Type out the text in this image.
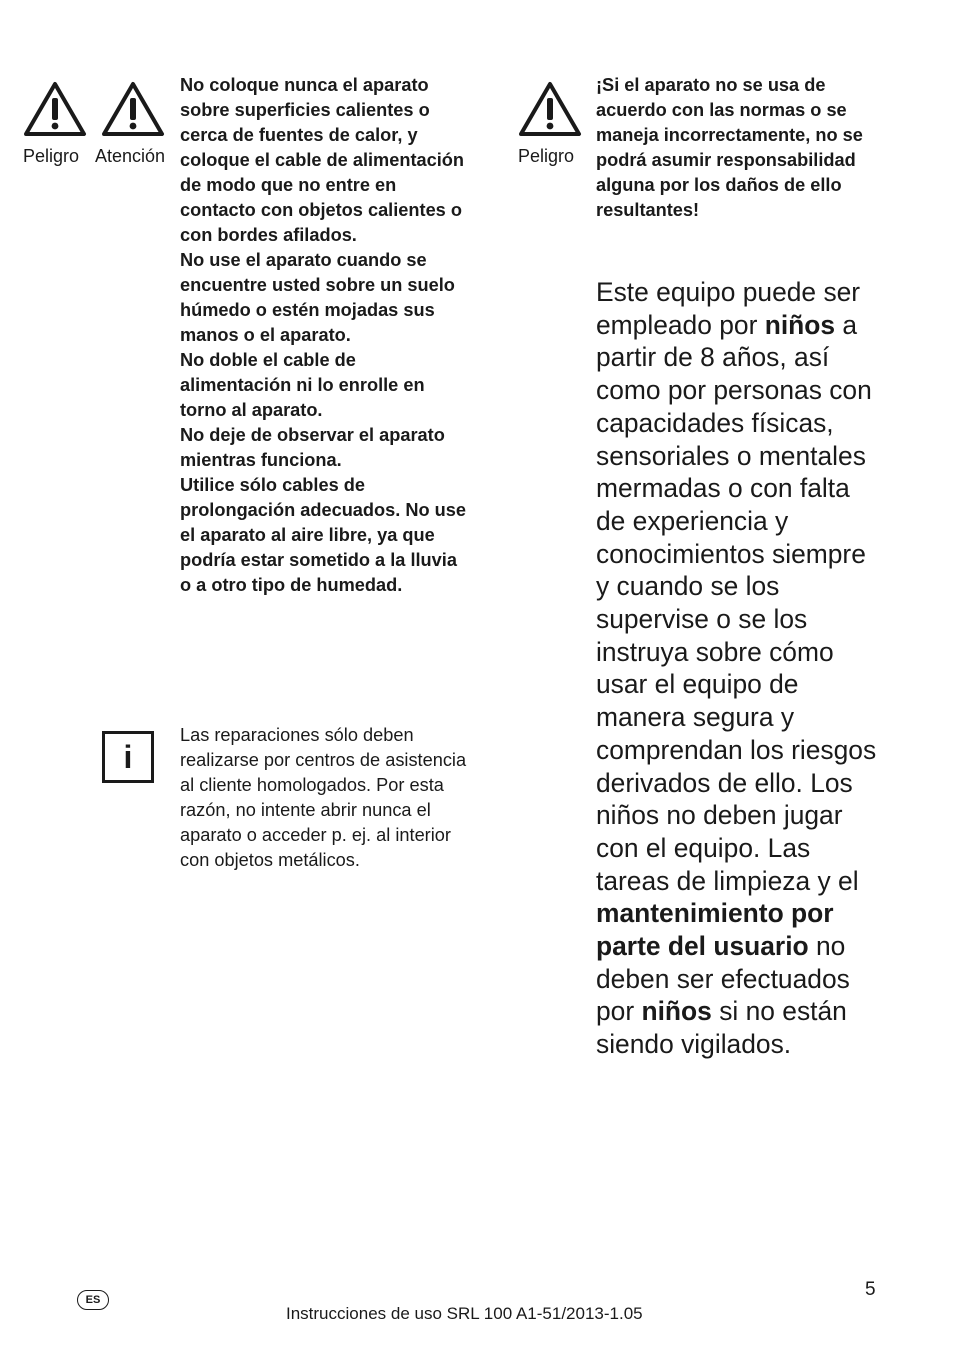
Peligro Atención

No coloque nunca el aparato sobre superficies calientes o cerca de fuentes de calor, y coloque el cable de alimentación de modo que no entre en contacto con objetos calientes o con bordes afilados.

No use el aparato cuando se encuentre usted sobre un suelo húmedo o estén mojadas sus manos o el aparato.

No doble el cable de alimentación ni lo enrolle en torno al aparato.

No deje de observar el aparato mientras funciona.

Utilice sólo cables de prolongación adecuados. No use el aparato al aire libre, ya que podría estar sometido a la lluvia o a otro tipo de humedad.

i

Las reparaciones sólo deben realizarse por centros de asistencia al cliente homologados. Por esta razón, no intente abrir nunca el aparato o acceder p. ej. al interior con objetos metálicos.

Peligro

¡Si el aparato no se usa de acuerdo con las normas o se maneja incorrectamente, no se podrá asumir responsabilidad alguna por los daños de ello resultantes!

Este equipo puede ser empleado por niños a partir de 8 años, así como por personas con capacidades físicas, sensoriales o mentales mermadas o con falta de experiencia y conocimientos siempre y cuando se los supervise o se los instruya sobre cómo usar el equipo de manera segura y comprendan los riesgos derivados de ello. Los niños no deben jugar con el equipo. Las tareas de limpieza y el mantenimiento por parte del usuario no deben ser efectuados por niños si no están siendo vigilados.

5
ES
Instrucciones de uso SRL 100 A1-51/2013-1.05
